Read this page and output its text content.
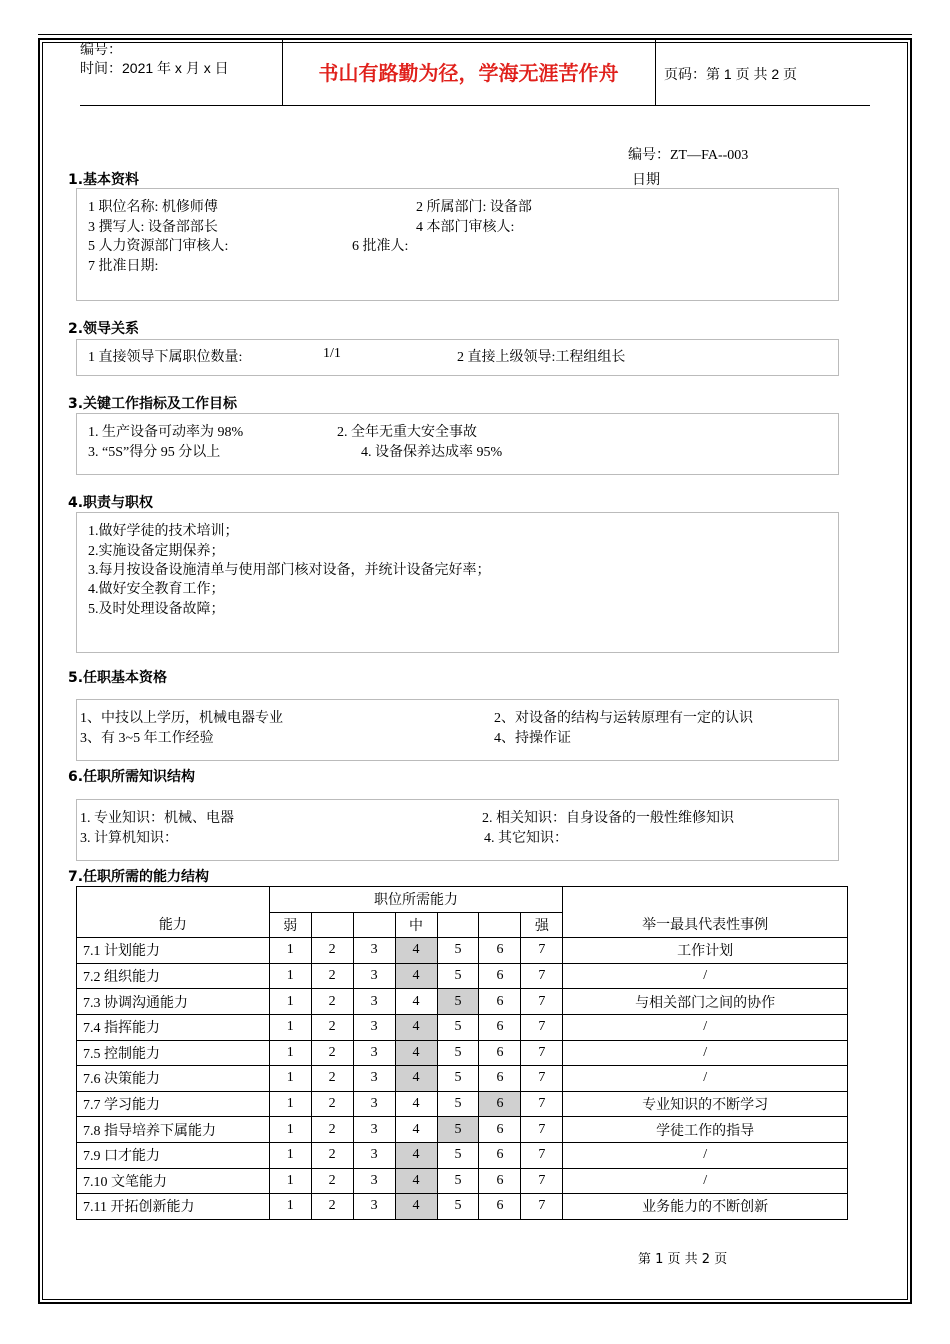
编号：
时间：2021 年 x 月 x 日	书山有路勤为径，学海无涯苦作舟	页码：第 1 页 共 2 页
编号：ZT—FA--003
日期
1.基本资料
1 职位名称: 机修师傅	2 所属部门: 设备部
3 撰写人: 设备部部长	4 本部门审核人:
5 人力资源部门审核人:	6 批准人:
7 批准日期:
2.领导关系
1 直接领导下属职位数量:	1/1	2 直接上级领导:工程组组长
3.关键工作指标及工作目标
1. 生产设备可动率为 98%	2. 全年无重大安全事故
3. “5S”得分 95 分以上	4. 设备保养达成率 95%
4.职责与职权
1.做好学徒的技术培训；
2.实施设备定期保养；
3.每月按设备设施清单与使用部门核对设备，并统计设备完好率；
4.做好安全教育工作；
5.及时处理设备故障；
5.任职基本资格
1、中技以上学历，机械电器专业	2、对设备的结构与运转原理有一定的认识
3、有 3~5 年工作经验	4、持操作证
6.任职所需知识结构
1. 专业知识：机械、电器	2. 相关知识：自身设备的一般性维修知识
3. 计算机知识：	4. 其它知识：
7.任职所需的能力结构
能力	职位所需能力							举一最具代表性事例
	弱			中			强	
7.1 计划能力	1	2	3	4	5	6	7	工作计划
7.2 组织能力	1	2	3	4	5	6	7	/
7.3 协调沟通能力	1	2	3	4	5	6	7	与相关部门之间的协作
7.4 指挥能力	1	2	3	4	5	6	7	/
7.5 控制能力	1	2	3	4	5	6	7	/
7.6 决策能力	1	2	3	4	5	6	7	/
7.7 学习能力	1	2	3	4	5	6	7	专业知识的不断学习
7.8 指导培养下属能力	1	2	3	4	5	6	7	学徒工作的指导
7.9 口才能力	1	2	3	4	5	6	7	/
7.10 文笔能力	1	2	3	4	5	6	7	/
7.11 开拓创新能力	1	2	3	4	5	6	7	业务能力的不断创新
第 1 页 共 2 页
